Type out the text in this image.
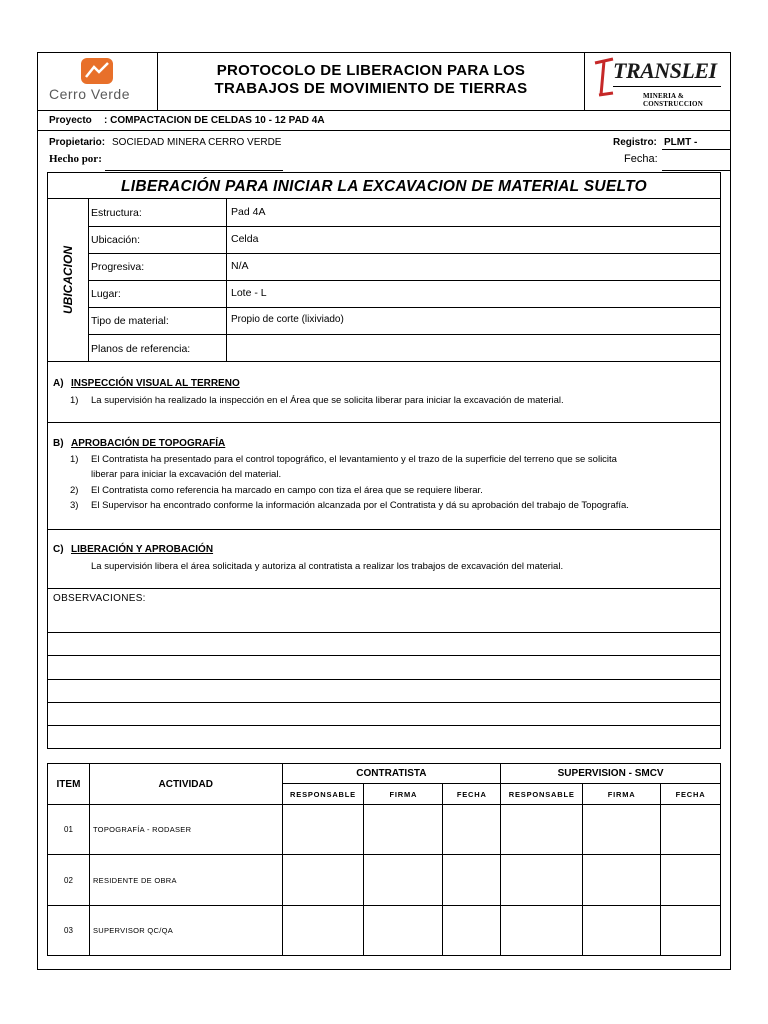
Cerro Verde
PROTOCOLO DE LIBERACION PARA LOS
TRABAJOS DE MOVIMIENTO DE TIERRAS
TRANSLEI
MINERIA & CONSTRUCCION
Proyecto : COMPACTACION DE CELDAS 10 - 12 PAD 4A
Propietario: SOCIEDAD MINERA CERRO VERDE	Registro: PLMT -
Hecho por:	Fecha:
LIBERACIÓN PARA INICIAR LA EXCAVACION DE MATERIAL SUELTO
UBICACION
Estructura:	Pad 4A
Ubicación:	Celda
Progresiva:	N/A
Lugar:	Lote - L
Tipo de material:	Propio de corte (lixiviado)
Planos de referencia:
A) INSPECCIÓN VISUAL AL TERRENO
1) La supervisión ha realizado la inspección en el Área que se solicita liberar para iniciar la excavación de material.
B) APROBACIÓN DE TOPOGRAFÍA
1) El Contratista ha presentado para el control topográfico, el levantamiento y el trazo de la superficie del terreno que se solicita
liberar para iniciar la excavación del material.
2) El Contratista como referencia ha marcado en campo con tiza el área que se requiere liberar.
3) El Supervisor ha encontrado conforme la información alcanzada por el Contratista y dá su aprobación del trabajo de Topografía.
C) LIBERACIÓN Y APROBACIÓN
La supervisión libera el área solicitada y autoriza al contratista a realizar los trabajos de excavación del material.
OBSERVACIONES:
ITEM	ACTIVIDAD	CONTRATISTA			SUPERVISION - SMCV		
		RESPONSABLE	FIRMA	FECHA	RESPONSABLE	FIRMA	FECHA
01	TOPOGRAFÍA - RODASER						
02	RESIDENTE DE OBRA						
03	SUPERVISOR QC/QA						
